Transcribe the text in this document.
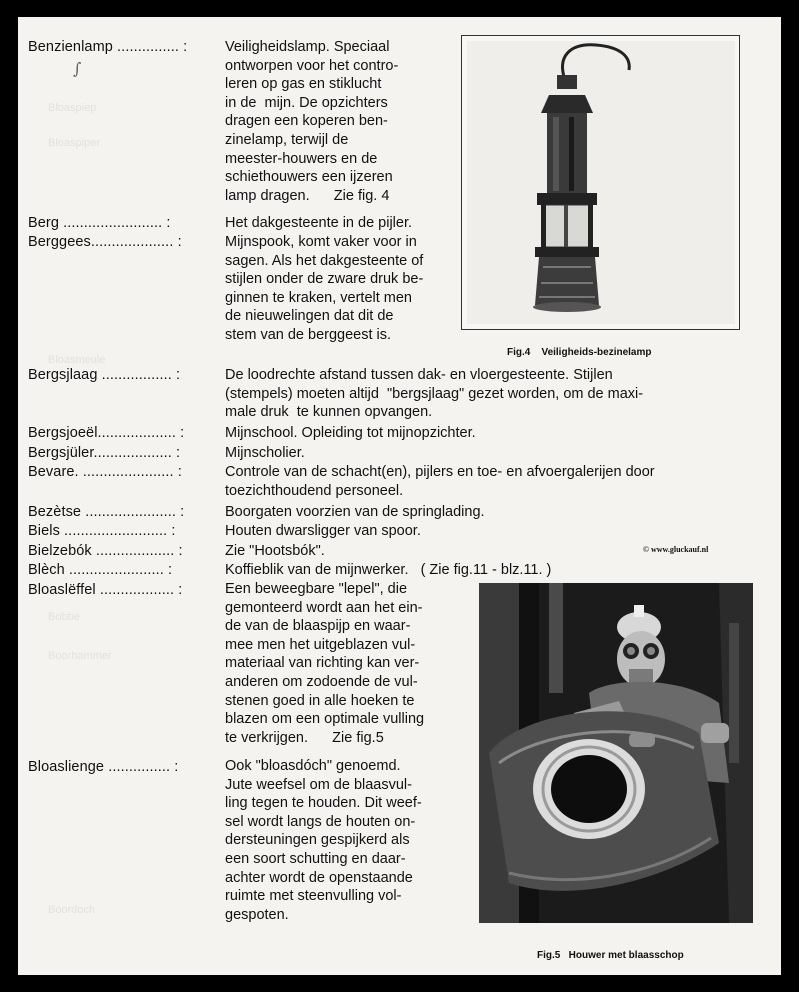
Bloaspiep
Bloaspiper
Bloasmeule
Bobbe
Boorhammer
Boordoch
Benzienlamp ............... :
∫
Berg ........................ :
Berggees.................... :
Bergsjlaag ................. :
Bergsjoeël................... :
Bergsjüler................... :
Bevare. ...................... :
Bezètse ...................... :
Biels ......................... :
Bielzebók ................... :
Blèch ....................... :
Bloaslëffel .................. :
Bloaslienge ............... :
Veiligheidslamp. Speciaal
ontworpen voor het contro-
leren op gas en stiklucht
in de  mijn. De opzichters
dragen een koperen ben-
zinelamp, terwijl de
meester-houwers en de
schiethouwers een ijzeren
lamp dragen.      Zie fig. 4
Het dakgesteente in de pijler.
Mijnspook, komt vaker voor in
sagen. Als het dakgesteente of
stijlen onder de zware druk be-
ginnen te kraken, vertelt men
de nieuwelingen dat dit de
stem van de berggeest is.
De loodrechte afstand tussen dak- en vloergesteente. Stijlen
(stempels) moeten altijd  "bergsjlaag" gezet worden, om de maxi-
male druk  te kunnen opvangen.
Mijnschool. Opleiding tot mijnopzichter.
Mijnscholier.
Controle van de schacht(en), pijlers en toe- en afvoergalerijen door
toezichthoudend personeel.
Boorgaten voorzien van de springlading.
Houten dwarsligger van spoor.
Zie "Hootsbók".
Koffieblik van de mijnwerker.   ( Zie fig.11 - blz.11. )
Een beweegbare "lepel", die
gemonteerd wordt aan het ein-
de van de blaaspijp en waar-
mee men het uitgeblazen vul-
materiaal van richting kan ver-
anderen om zodoende de vul-
stenen goed in alle hoeken te
blazen om een optimale vulling
te verkrijgen.      Zie fig.5
Ook "bloasdóch" genoemd.
Jute weefsel om de blaasvul-
ling tegen te houden. Dit weef-
sel wordt langs de houten on-
dersteuningen gespijkerd als
een soort schutting en daar-
achter wordt de openstaande
ruimte met steenvulling vol-
gespoten.
Fig.4    Veiligheids-bezinelamp
© www.gluckauf.nl
Fig.5   Houwer met blaasschop
